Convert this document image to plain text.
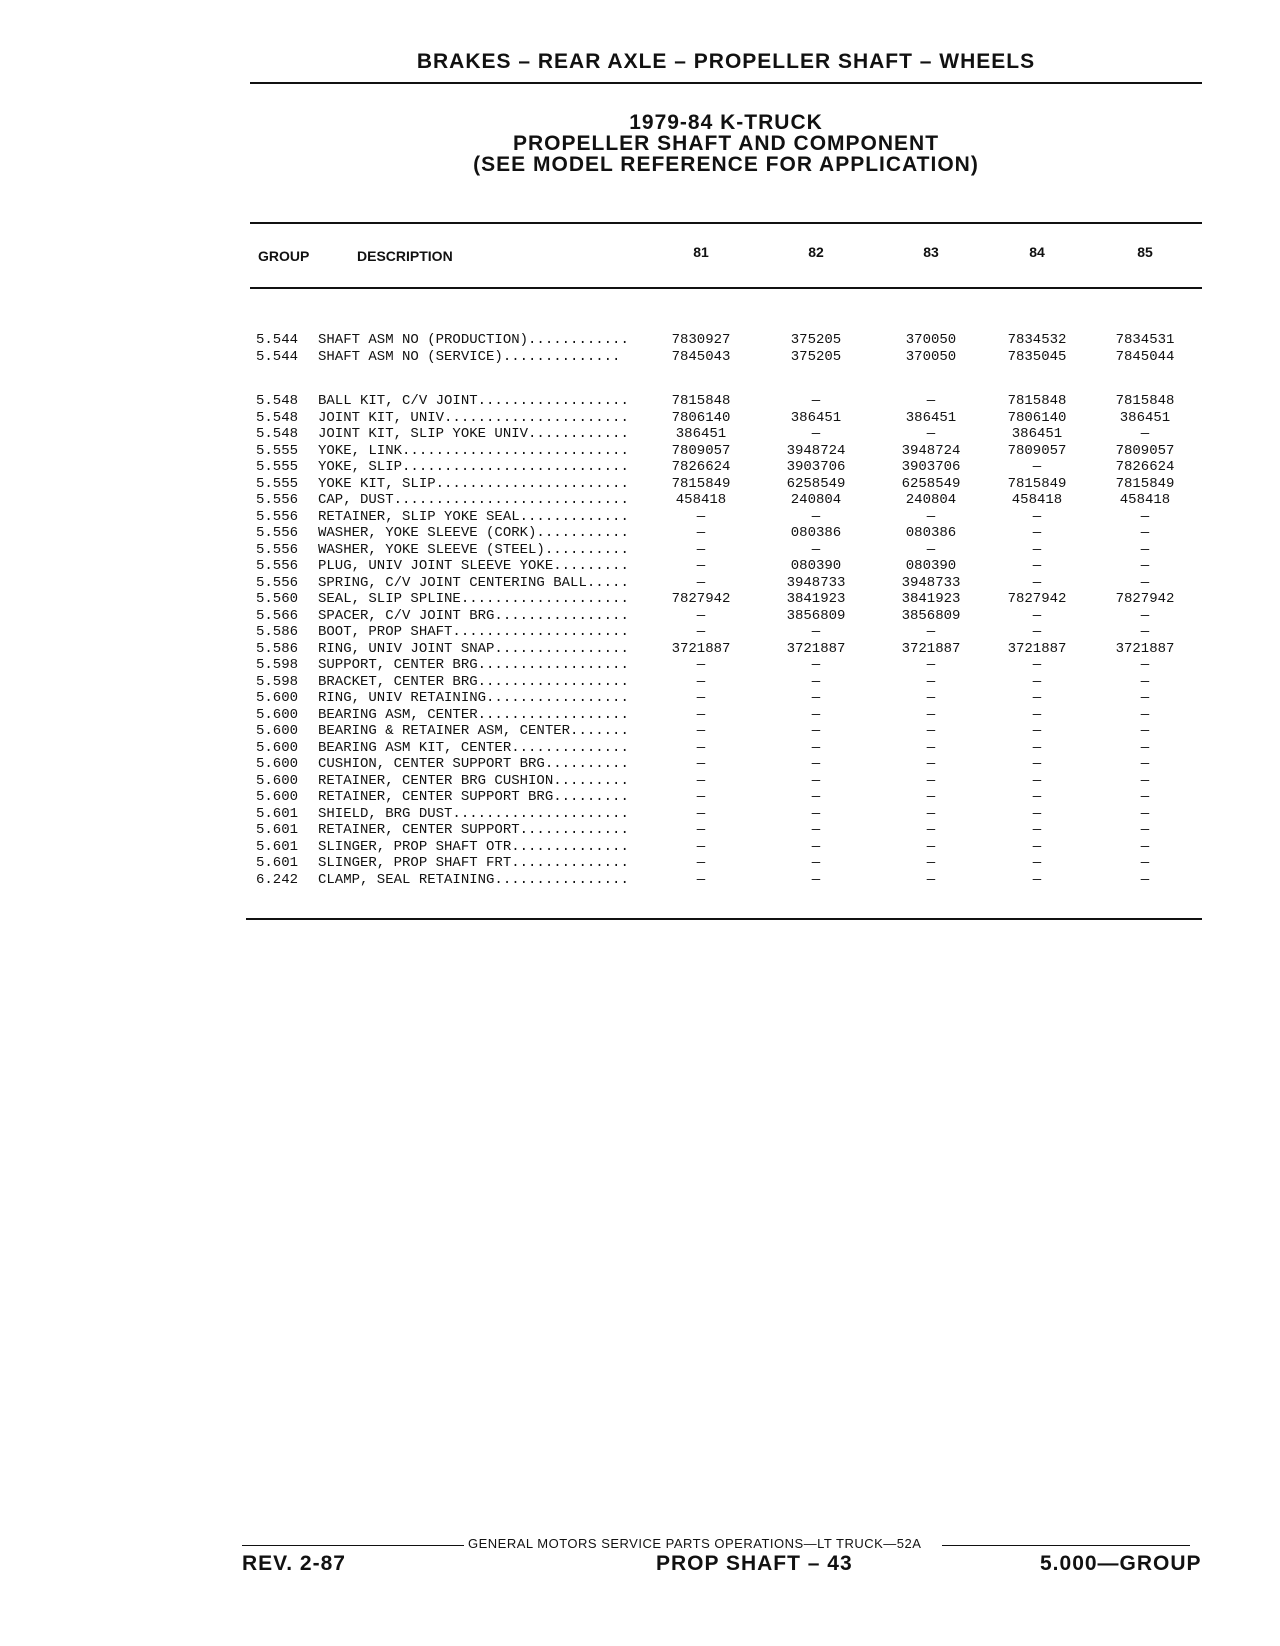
BRAKES – REAR AXLE – PROPELLER SHAFT – WHEELS
1979-84 K-TRUCK
PROPELLER SHAFT AND COMPONENT
(SEE MODEL REFERENCE FOR APPLICATION)
GROUP	DESCRIPTION	81	82	83	84	85
5.544 SHAFT ASM NO (PRODUCTION)............	7830927	375205	370050	7834532	7834531
5.544 SHAFT ASM NO (SERVICE)..............	7845043	375205	370050	7835045	7845044
5.548 BALL KIT, C/V JOINT..................	7815848	—	—	7815848	7815848
5.548 JOINT KIT, UNIV......................	7806140	386451	386451	7806140	386451
5.548 JOINT KIT, SLIP YOKE UNIV............	386451	—	—	386451	—
5.555 YOKE, LINK...........................	7809057	3948724	3948724	7809057	7809057
5.555 YOKE, SLIP...........................	7826624	3903706	3903706	—	7826624
5.555 YOKE KIT, SLIP.......................	7815849	6258549	6258549	7815849	7815849
5.556 CAP, DUST............................	458418	240804	240804	458418	458418
5.556 RETAINER, SLIP YOKE SEAL.............	—	—	—	—	—
5.556 WASHER, YOKE SLEEVE (CORK)...........	—	080386	080386	—	—
5.556 WASHER, YOKE SLEEVE (STEEL)..........	—	—	—	—	—
5.556 PLUG, UNIV JOINT SLEEVE YOKE.........	—	080390	080390	—	—
5.556 SPRING, C/V JOINT CENTERING BALL.....	—	3948733	3948733	—	—
5.560 SEAL, SLIP SPLINE....................	7827942	3841923	3841923	7827942	7827942
5.566 SPACER, C/V JOINT BRG................	—	3856809	3856809	—	—
5.586 BOOT, PROP SHAFT.....................	—	—	—	—	—
5.586 RING, UNIV JOINT SNAP................	3721887	3721887	3721887	3721887	3721887
5.598 SUPPORT, CENTER BRG..................	—	—	—	—	—
5.598 BRACKET, CENTER BRG..................	—	—	—	—	—
5.600 RING, UNIV RETAINING.................	—	—	—	—	—
5.600 BEARING ASM, CENTER..................	—	—	—	—	—
5.600 BEARING & RETAINER ASM, CENTER.......	—	—	—	—	—
5.600 BEARING ASM KIT, CENTER..............	—	—	—	—	—
5.600 CUSHION, CENTER SUPPORT BRG..........	—	—	—	—	—
5.600 RETAINER, CENTER BRG CUSHION.........	—	—	—	—	—
5.600 RETAINER, CENTER SUPPORT BRG.........	—	—	—	—	—
5.601 SHIELD, BRG DUST.....................	—	—	—	—	—
5.601 RETAINER, CENTER SUPPORT.............	—	—	—	—	—
5.601 SLINGER, PROP SHAFT OTR..............	—	—	—	—	—
5.601 SLINGER, PROP SHAFT FRT..............	—	—	—	—	—
6.242 CLAMP, SEAL RETAINING................	—	—	—	—	—
GENERAL MOTORS SERVICE PARTS OPERATIONS—LT TRUCK—52A
REV. 2-87	PROP SHAFT – 43	5.000—GROUP
